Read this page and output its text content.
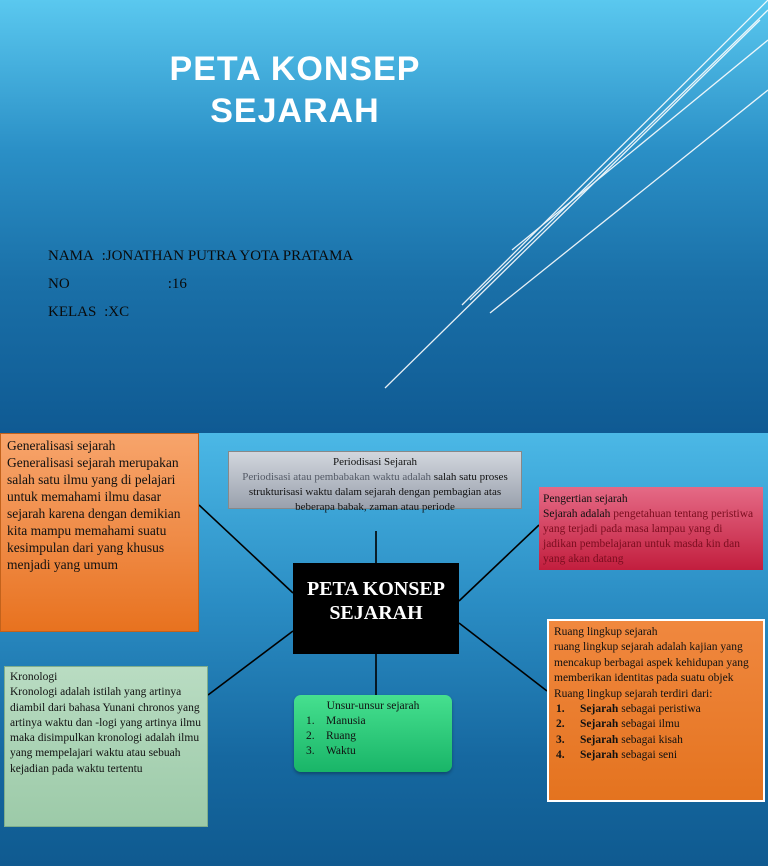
PETA KONSEP
SEJARAH
NAMA :JONATHAN PUTRA YOTA PRATAMA
NO	:16
KELAS :XC
Generalisasi sejarah
Generalisasi sejarah merupakan salah satu ilmu yang di pelajari untuk memahami ilmu dasar sejarah karena dengan demikian kita mampu memahami suatu kesimpulan dari yang khusus menjadi yang umum
Periodisasi Sejarah
Periodisasi atau pembabakan waktu adalah salah satu proses strukturisasi waktu dalam sejarah dengan pembagian atas beberapa babak, zaman atau periode
Pengertian sejarah
Sejarah adalah pengetahuan tentang peristiwa yang terjadi pada masa lampau yang di jadikan pembelajaran untuk masda kin dan yang akan datang
PETA KONSEP
SEJARAH
Kronologi
Kronologi adalah istilah yang artinya diambil dari bahasa Yunani chronos yang artinya waktu dan -logi yang artinya ilmu maka disimpulkan kronologi adalah ilmu yang mempelajari waktu atau sebuah kejadian pada waktu tertentu
Unsur-unsur sejarah
1. Manusia
2. Ruang
3. Waktu
Ruang lingkup sejarah
ruang lingkup sejarah adalah kajian yang mencakup berbagai aspek kehidupan yang memberikan identitas pada suatu objek
Ruang lingkup sejarah terdiri dari:
1. Sejarah sebagai peristiwa
2. Sejarah sebagai ilmu
3. Sejarah sebagai kisah
4. Sejarah sebagai seni
